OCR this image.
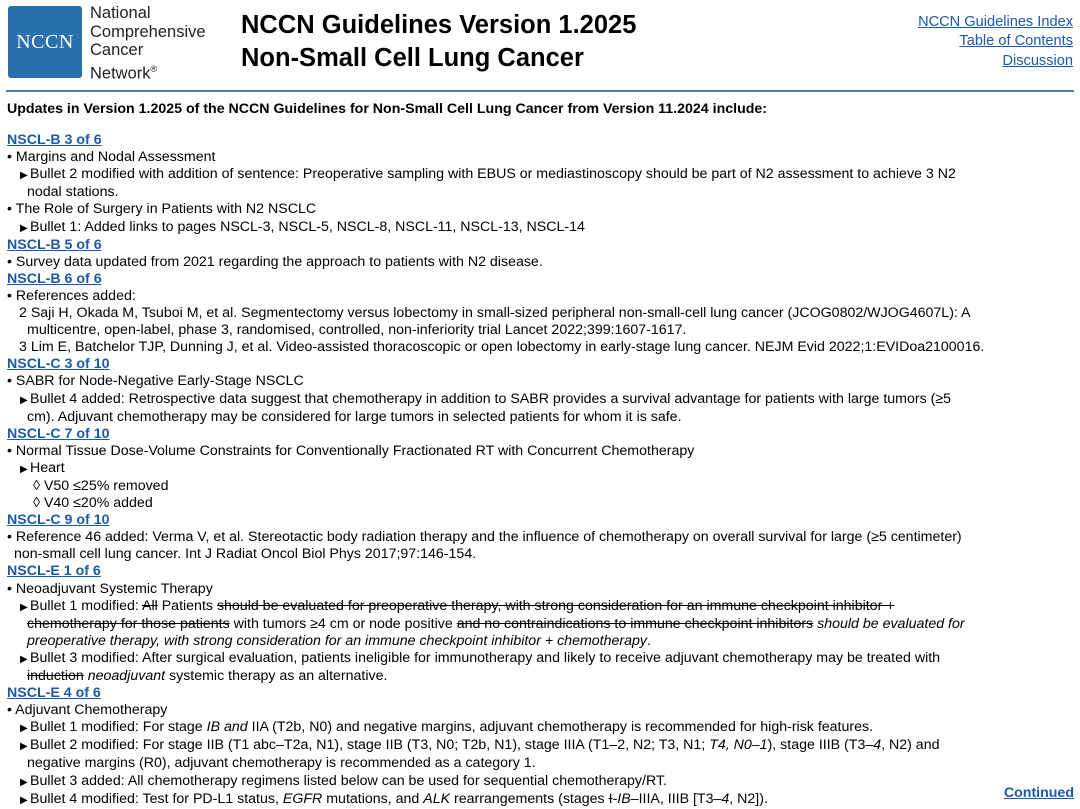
NCCN
National
Comprehensive
Cancer
Network®
NCCN Guidelines Version 1.2025
Non-Small Cell Lung Cancer
NCCN Guidelines Index
Table of Contents
Discussion
Updates in Version 1.2025 of the NCCN Guidelines for Non-Small Cell Lung Cancer from Version 11.2024 include:
NSCL-B 3 of 6
• Margins and Nodal Assessment
▶ Bullet 2 modified with addition of sentence: Preoperative sampling with EBUS or mediastinoscopy should be part of N2 assessment to achieve 3 N2
nodal stations.
• The Role of Surgery in Patients with N2 NSCLC
▶ Bullet 1: Added links to pages NSCL-3, NSCL-5, NSCL-8, NSCL-11, NSCL-13, NSCL-14
NSCL-B 5 of 6
• Survey data updated from 2021 regarding the approach to patients with N2 disease.
NSCL-B 6 of 6
• References added:
2 Saji H, Okada M, Tsuboi M, et al. Segmentectomy versus lobectomy in small-sized peripheral non-small-cell lung cancer (JCOG0802/WJOG4607L): A
multicentre, open-label, phase 3, randomised, controlled, non-inferiority trial Lancet 2022;399:1607-1617.
3 Lim E, Batchelor TJP, Dunning J, et al. Video-assisted thoracoscopic or open lobectomy in early-stage lung cancer. NEJM Evid 2022;1:EVIDoa2100016.
NSCL-C 3 of 10
• SABR for Node-Negative Early-Stage NSCLC
▶ Bullet 4 added: Retrospective data suggest that chemotherapy in addition to SABR provides a survival advantage for patients with large tumors (≥5
cm). Adjuvant chemotherapy may be considered for large tumors in selected patients for whom it is safe.
NSCL-C 7 of 10
• Normal Tissue Dose-Volume Constraints for Conventionally Fractionated RT with Concurrent Chemotherapy
▶ Heart
◊ V50 ≤25% removed
◊ V40 ≤20% added
NSCL-C 9 of 10
• Reference 46 added: Verma V, et al. Stereotactic body radiation therapy and the influence of chemotherapy on overall survival for large (≥5 centimeter)
non-small cell lung cancer. Int J Radiat Oncol Biol Phys 2017;97:146-154.
NSCL-E 1 of 6
• Neoadjuvant Systemic Therapy
▶ Bullet 1 modified: All Patients should be evaluated for preoperative therapy, with strong consideration for an immune checkpoint inhibitor +
chemotherapy for those patients with tumors ≥4 cm or node positive and no contraindications to immune checkpoint inhibitors should be evaluated for
preoperative therapy, with strong consideration for an immune checkpoint inhibitor + chemotherapy.
▶ Bullet 3 modified: After surgical evaluation, patients ineligible for immunotherapy and likely to receive adjuvant chemotherapy may be treated with
induction neoadjuvant systemic therapy as an alternative.
NSCL-E 4 of 6
• Adjuvant Chemotherapy
▶ Bullet 1 modified: For stage IB and IIA (T2b, N0) and negative margins, adjuvant chemotherapy is recommended for high-risk features.
▶ Bullet 2 modified: For stage IIB (T1 abc–T2a, N1), stage IIB (T3, N0; T2b, N1), stage IIIA (T1–2, N2; T3, N1; T4, N0–1), stage IIIB (T3–4, N2) and
negative margins (R0), adjuvant chemotherapy is recommended as a category 1.
▶ Bullet 3 added: All chemotherapy regimens listed below can be used for sequential chemotherapy/RT.
▶ Bullet 4 modified: Test for PD-L1 status, EGFR mutations, and ALK rearrangements (stages I-IB–IIIA, IIIB [T3–4, N2]).	Continued
